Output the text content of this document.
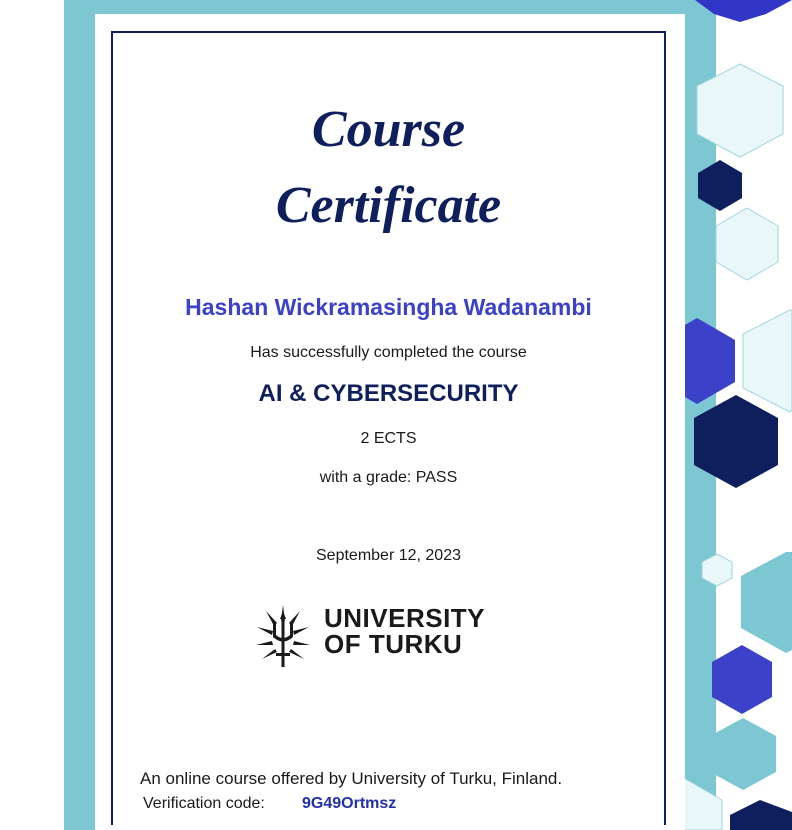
Course
Certificate
Hashan Wickramasingha Wadanambi
Has successfully completed the course
AI & CYBERSECURITY
2 ECTS
with a grade: PASS
September 12, 2023
UNIVERSITY
OF TURKU
An online course offered by University of Turku, Finland.
Verification code: 9G49Ortmsz
